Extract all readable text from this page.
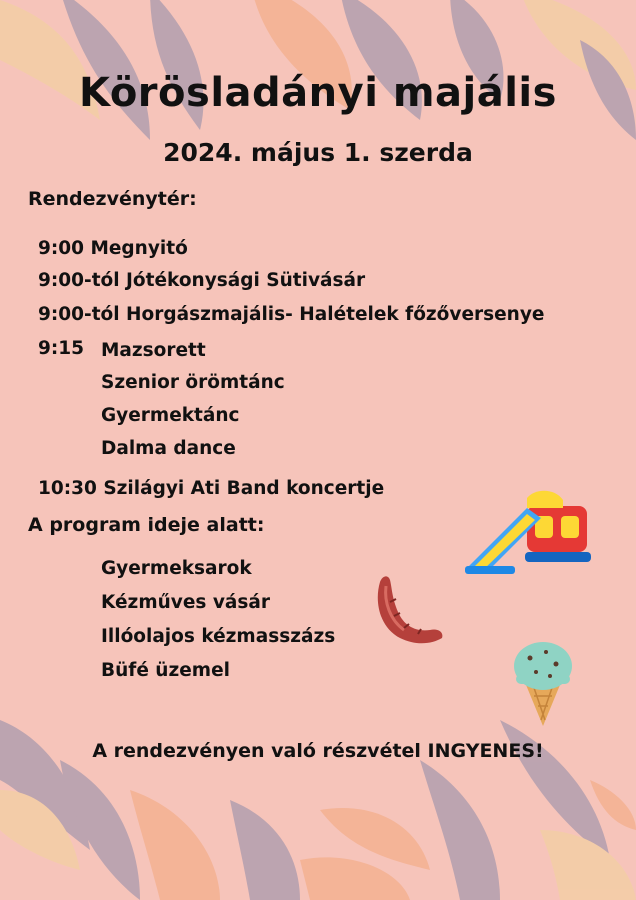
Körösladányi majális
2024. május 1. szerda
Rendezvénytér:
9:00 Megnyitó
9:00-tól Jótékonysági Sütivásár
9:00-tól Horgászmajális- Halételek főzőversenye
9:15 Mazsorett
Szenior örömtánc
Gyermektánc
Dalma dance
10:30 Szilágyi Ati Band koncertje
A program ideje alatt:
Gyermeksarok
Kézműves vásár
Illóolajos kézmasszázs
Büfé üzemel
A rendezvényen való részvétel INGYENES!
